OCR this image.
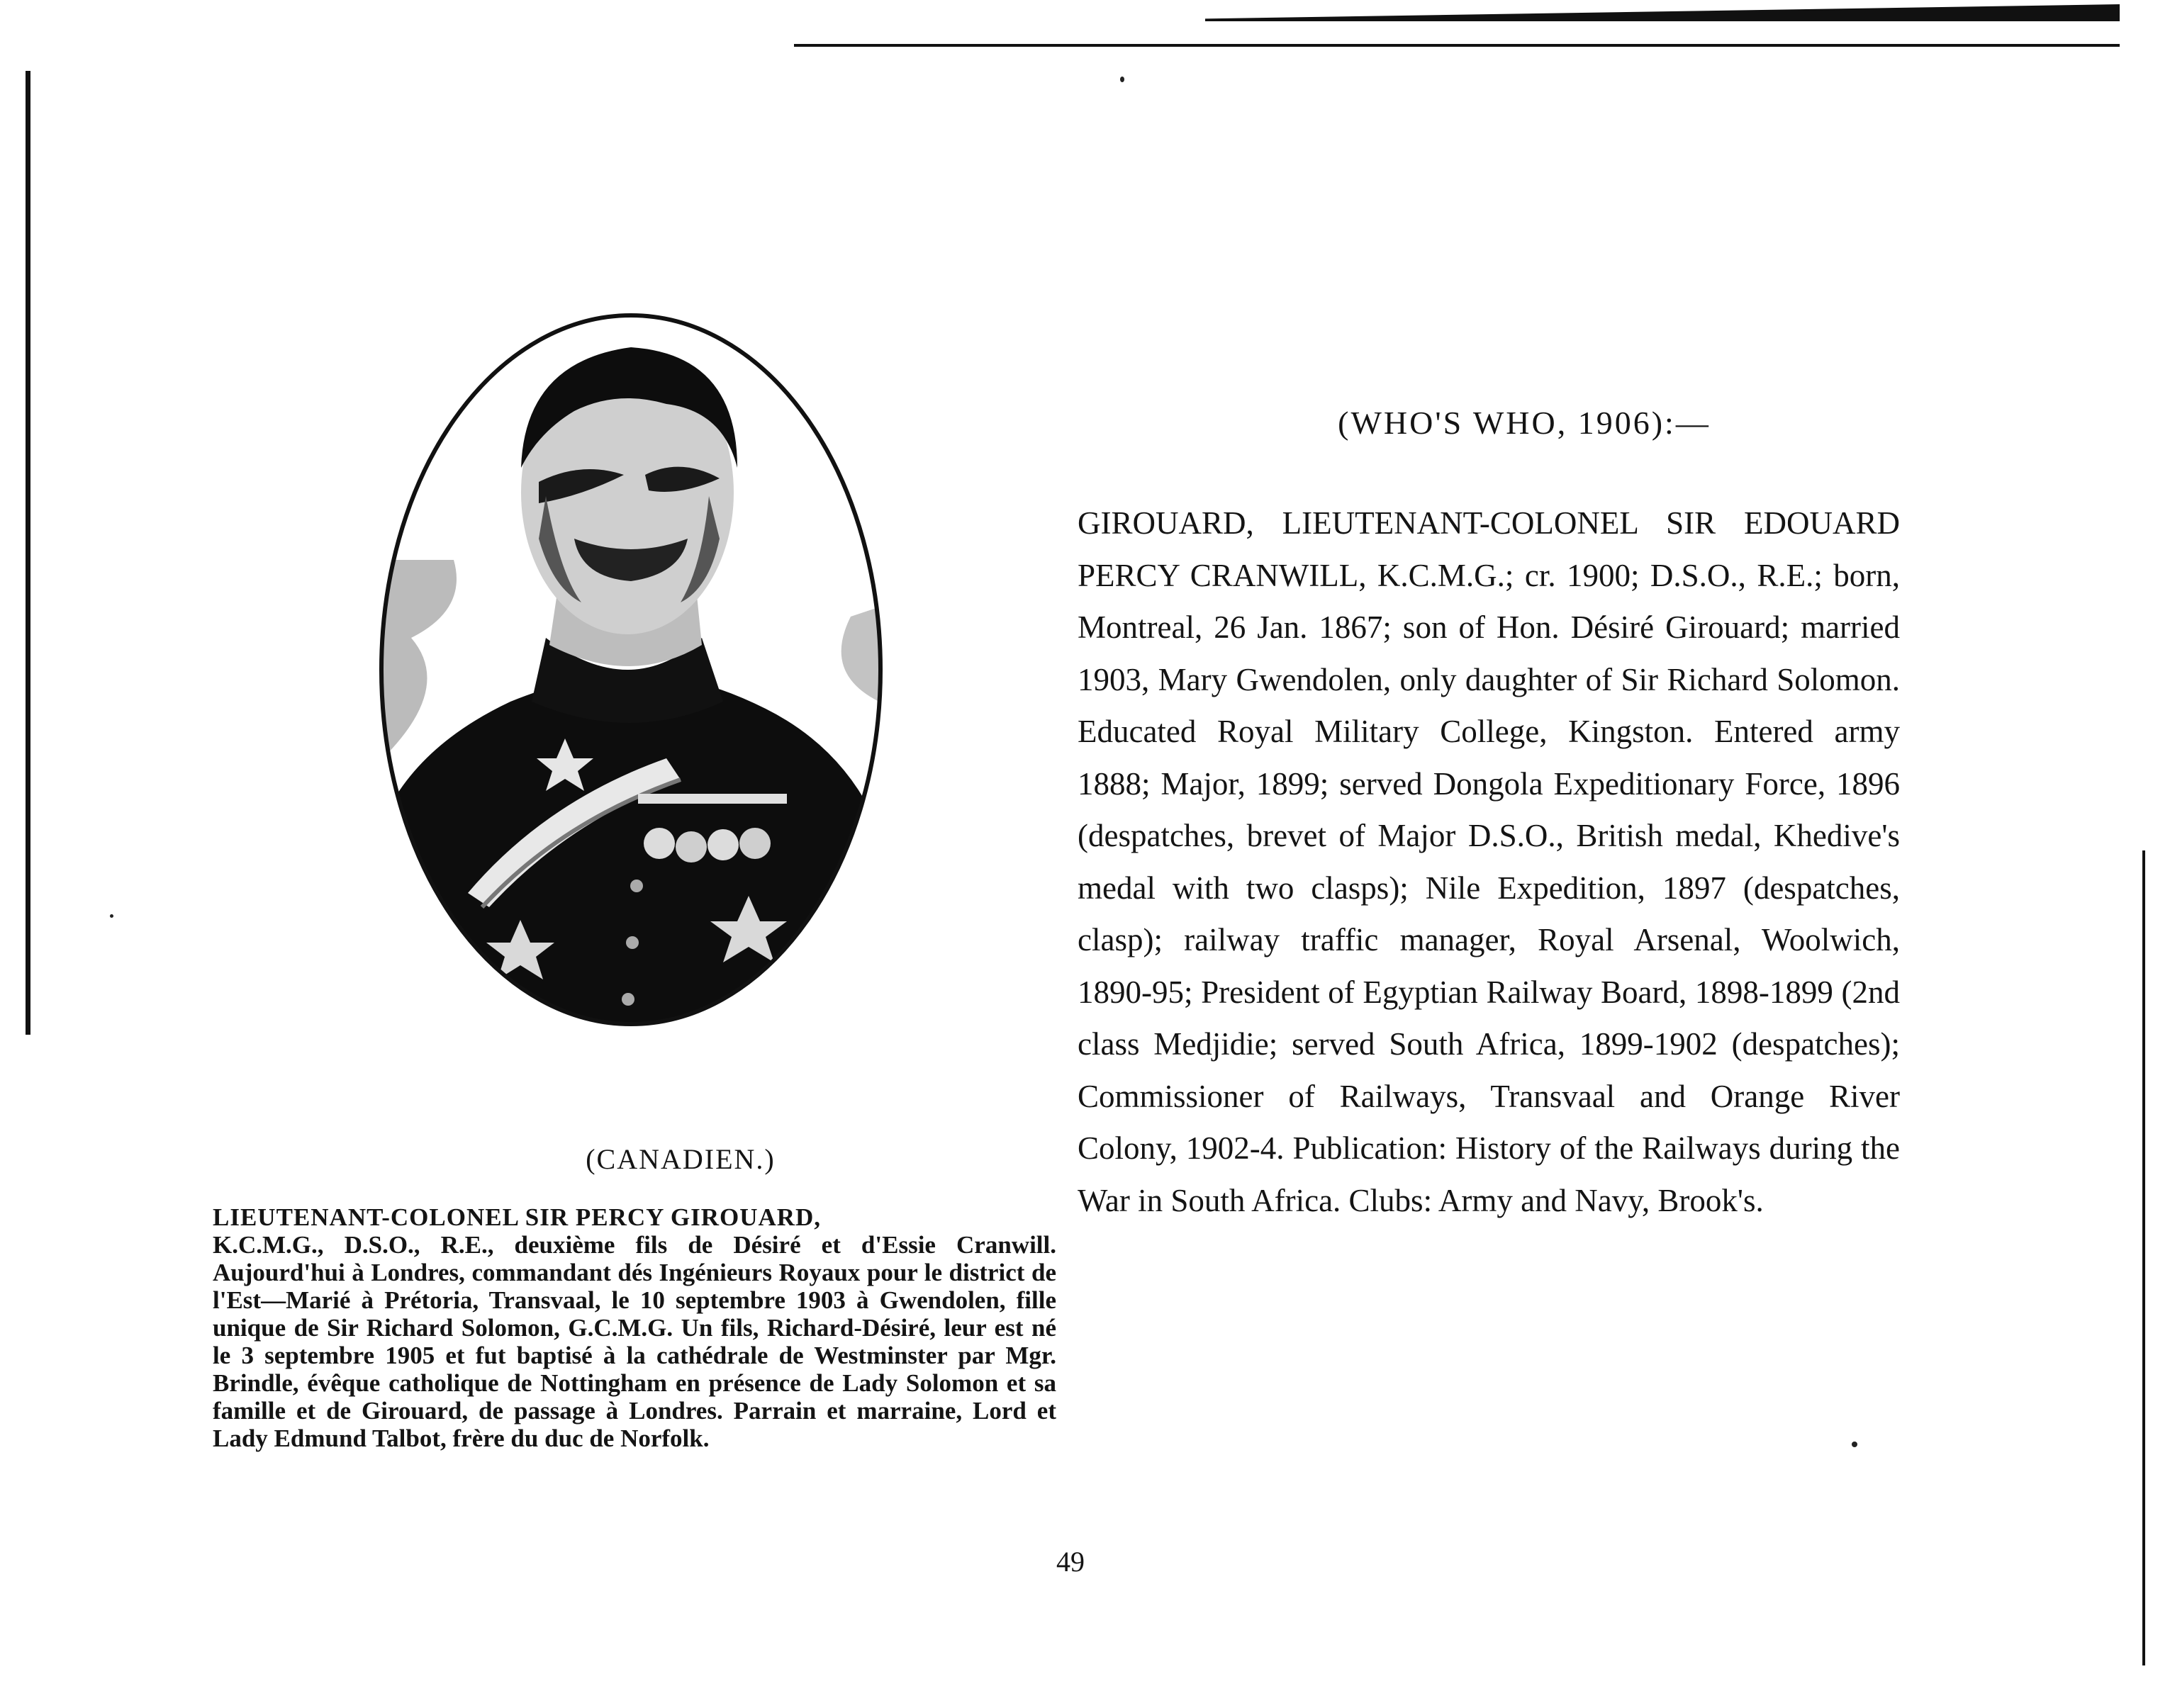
(CANADIEN.)

LIEUTENANT-COLONEL SIR PERCY GIROUARD,

K.C.M.G., D.S.O., R.E., deuxième fils de Désiré et d'Essie Cranwill. Aujourd'hui à Londres, commandant dés Ingénieurs Royaux pour le district de l'Est—Marié à Prétoria, Transvaal, le 10 septembre 1903 à Gwendolen, fille unique de Sir Richard Solomon, G.C.M.G. Un fils, Richard-Désiré, leur est né le 3 septembre 1905 et fut baptisé à la cathédrale de Westminster par Mgr. Brindle, évêque catholique de Nottingham en présence de Lady Solomon et sa famille et de Girouard, de passage à Londres. Parrain et marraine, Lord et Lady Edmund Talbot, frère du duc de Norfolk.

(WHO'S WHO, 1906):—

GIROUARD, LIEUTENANT-COLONEL SIR EDOUARD PERCY CRANWILL, K.C.M.G.; cr. 1900; D.S.O., R.E.; born, Montreal, 26 Jan. 1867; son of Hon. Désiré Girouard; married 1903, Mary Gwendolen, only daughter of Sir Richard Solomon. Educated Royal Military College, Kingston. Entered army 1888; Major, 1899; served Dongola Expeditionary Force, 1896 (despatches, brevet of Major D.S.O., British medal, Khedive's medal with two clasps); Nile Expedition, 1897 (despatches, clasp); railway traffic manager, Royal Arsenal, Woolwich, 1890-95; President of Egyptian Railway Board, 1898-1899 (2nd class Medjidie; served South Africa, 1899-1902 (despatches); Commissioner of Railways, Transvaal and Orange River Colony, 1902-4. Publication: History of the Railways during the War in South Africa. Clubs: Army and Navy, Brook's.

49
